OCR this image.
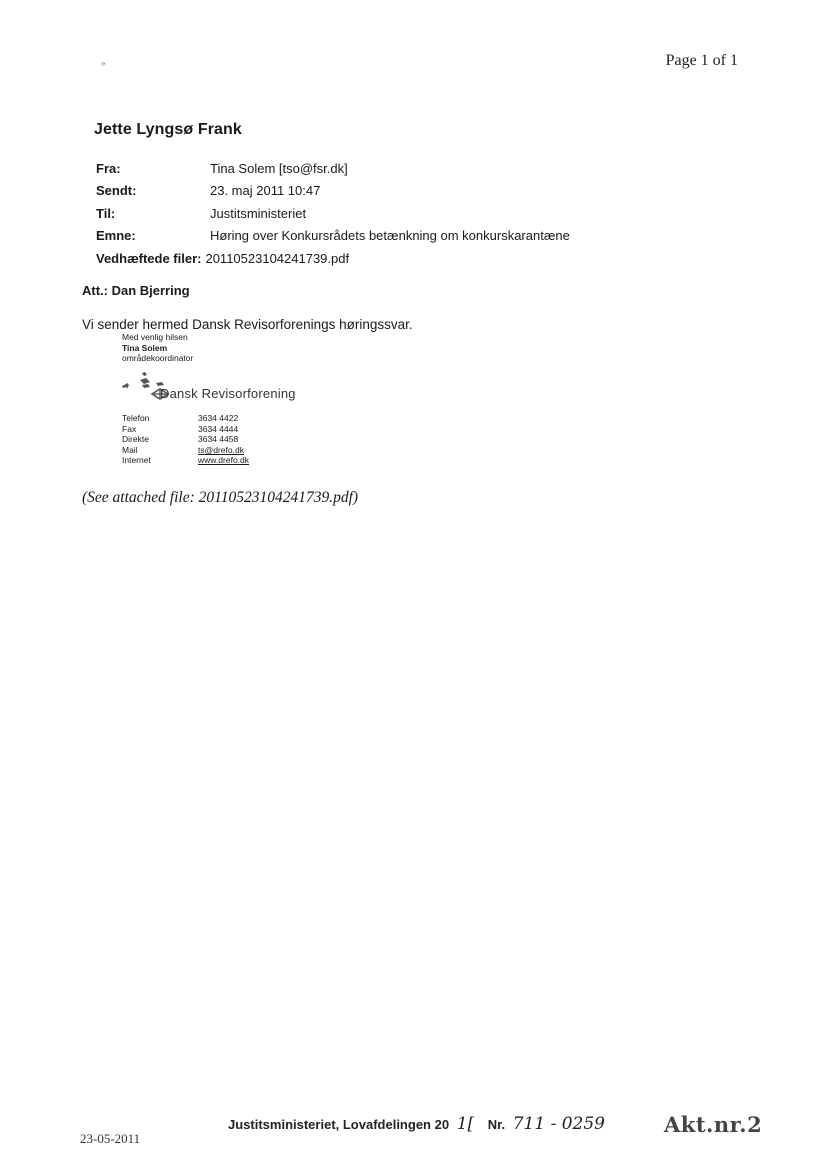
Page 1 of 1
»
Jette Lyngsø Frank
Fra:	Tina Solem [tso@fsr.dk]
Sendt:	23. maj 2011 10:47
Til:	Justitsministeriet
Emne:	Høring over Konkursrådets betænkning om konkurskarantæne
Vedhæftede filer: 20110523104241739.pdf
Att.: Dan Bjerring
Vi sender hermed Dansk Revisorforenings høringssvar.
Med venlig hilsen
Tina Solem
områdekoordinator
Dansk Revisorforening
Telefon	3634 4422
Fax	3634 4444
Direkte	3634 4458
Mail	ts@drefo.dk
Internet	www.drefo.dk
(See attached file: 20110523104241739.pdf)
23-05-2011
Justitsministeriet, Lovafdelingen 20 1[ Nr. 711 - 0259	Akt.nr.2
